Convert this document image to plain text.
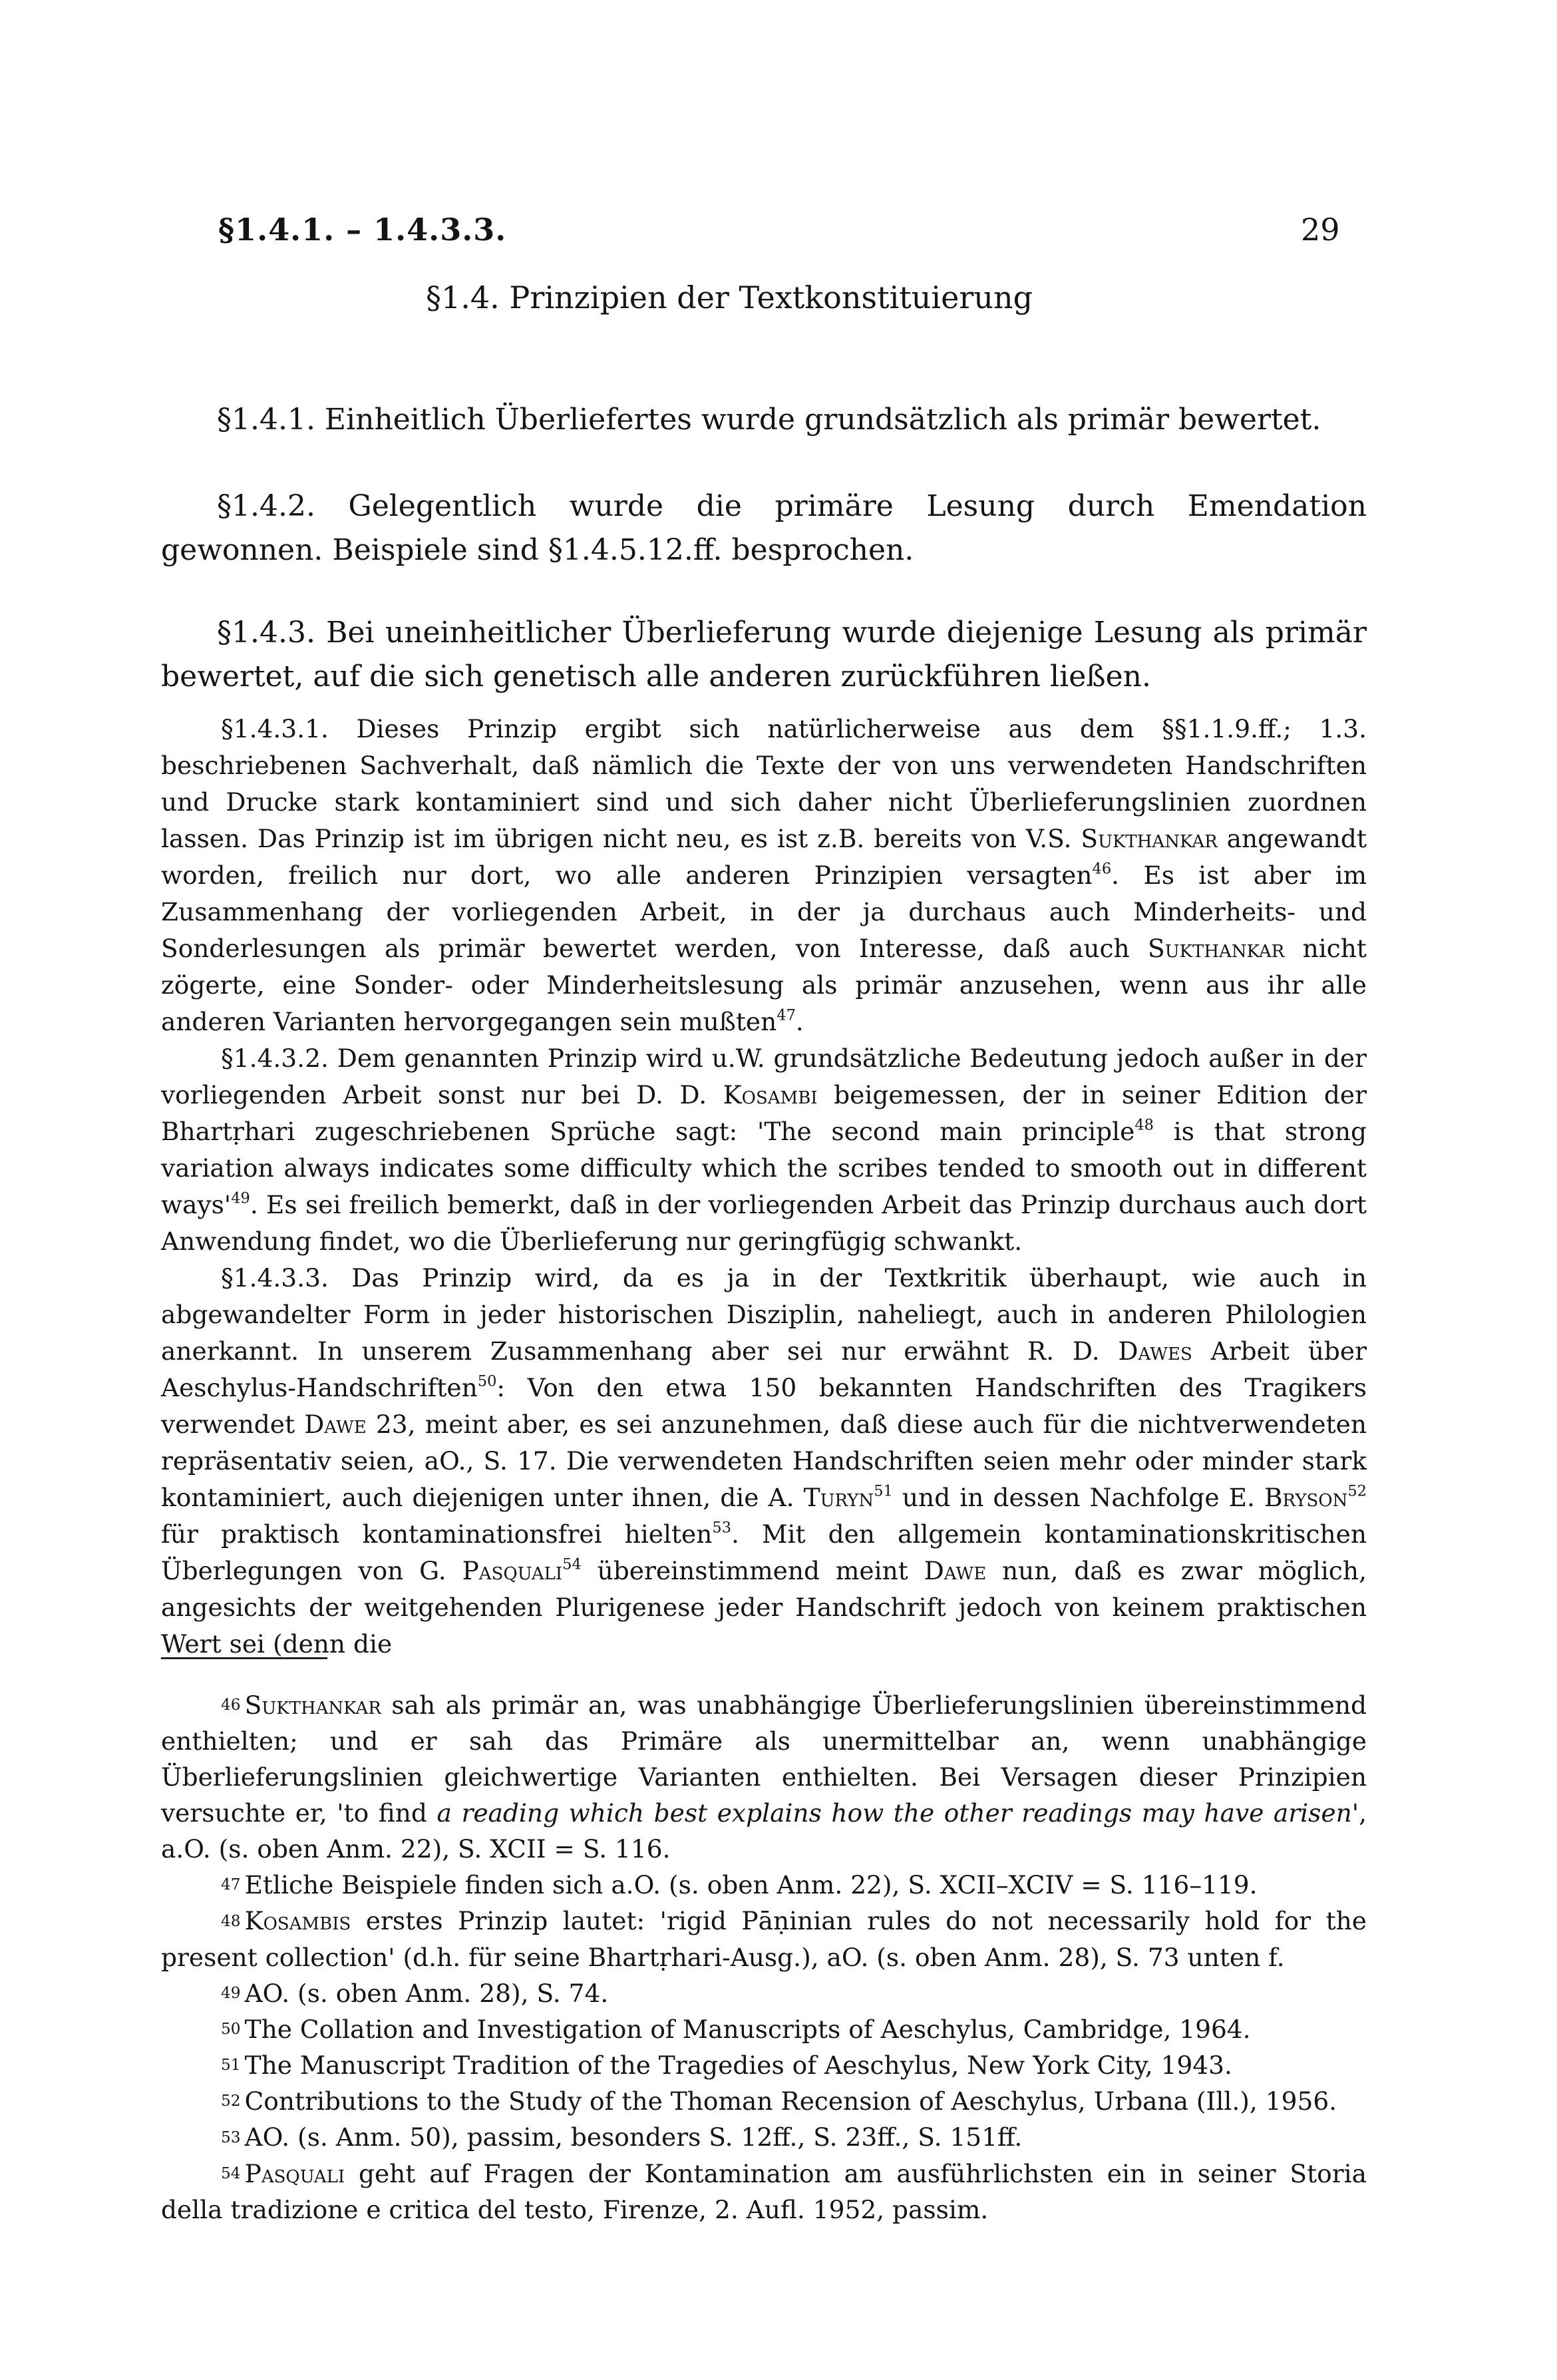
§1.4.1. – 1.4.3.3.	29
§1.4. Prinzipien der Textkonstituierung

§1.4.1. Einheitlich Überliefertes wurde grundsätzlich als primär bewertet.

§1.4.2. Gelegentlich wurde die primäre Lesung durch Emendation gewonnen. Beispiele sind §1.4.5.12.ff. besprochen.

§1.4.3. Bei uneinheitlicher Überlieferung wurde diejenige Lesung als primär bewertet, auf die sich genetisch alle anderen zurückführen ließen.

§1.4.3.1. Dieses Prinzip ergibt sich natürlicherweise aus dem §§1.1.9.ff.; 1.3. beschriebenen Sachverhalt, daß nämlich die Texte der von uns verwendeten Handschriften und Drucke stark kontaminiert sind und sich daher nicht Überlieferungslinien zuordnen lassen. Das Prinzip ist im übrigen nicht neu, es ist z.B. bereits von V.S. Sukthankar angewandt worden, freilich nur dort, wo alle anderen Prinzipien versagten$^{46}$. Es ist aber im Zusammenhang der vorliegenden Arbeit, in der ja durchaus auch Minderheits- und Sonderlesungen als primär bewertet werden, von Interesse, daß auch Sukthankar nicht zögerte, eine Sonder- oder Minderheitslesung als primär anzusehen, wenn aus ihr alle anderen Varianten hervorgegangen sein mußten$^{47}$.

§1.4.3.2. Dem genannten Prinzip wird u.W. grundsätzliche Bedeutung jedoch außer in der vorliegenden Arbeit sonst nur bei D. D. Kosambi beigemessen, der in seiner Edition der Bhartṛhari zugeschriebenen Sprüche sagt: 'The second main principle$^{48}$ is that strong variation always indicates some difficulty which the scribes tended to smooth out in different $ways'^{49}$. Es sei freilich bemerkt, daß in der vorliegenden Arbeit das Prinzip durchaus auch dort Anwendung findet, wo die Überlieferung nur geringfügig schwankt.

§1.4.3.3. Das Prinzip wird, da es ja in der Textkritik überhaupt, wie auch in abgewandelter Form in jeder historischen Disziplin, naheliegt, auch in anderen Philologien anerkannt. In unserem Zusammenhang aber sei nur erwähnt R. D. Dawes Arbeit über Aeschylus-Handschriften$^{50}$: Von den etwa 150 bekannten Handschriften des Tragikers verwendet Dawe 23, meint aber, es sei anzunehmen, daß diese auch für die nichtverwendeten repräsentativ seien, aO., S. 17. Die verwendeten Handschriften seien mehr oder minder stark kontaminiert, auch diejenigen unter ihnen, die A. Turyn$^{51}$ und in dessen Nachfolge E. Bryson$^{52}$ für praktisch kontaminationsfrei hielten$^{53}$. Mit den allgemein kontaminationskritischen Überlegungen von G. Pasquali$^{54}$ übereinstimmend meint Dawe nun, daß es zwar möglich, angesichts der weitgehenden Plurigenese jeder Handschrift jedoch von keinem praktischen Wert sei (denn die

46 Sukthankar sah als primär an, was unabhängige Überlieferungslinien übereinstimmend enthielten; und er sah das Primäre als unermittelbar an, wenn unabhängige Überlieferungslinien gleichwertige Varianten enthielten. Bei Versagen dieser Prinzipien versuchte er, 'to find a reading which best explains how the other readings may have arisen', a.O. (s. oben Anm. 22), S. XCII = S. 116.

47 Etliche Beispiele finden sich a.O. (s. oben Anm. 22), S. XCII–XCIV = S. 116–119.

48 Kosambis erstes Prinzip lautet: 'rigid Pāṇinian rules do not necessarily hold for the present collection' (d.h. für seine Bhartṛhari-Ausg.), aO. (s. oben Anm. 28), S. 73 unten f.

49 AO. (s. oben Anm. 28), S. 74.

50 The Collation and Investigation of Manuscripts of Aeschylus, Cambridge, 1964.

51 The Manuscript Tradition of the Tragedies of Aeschylus, New York City, 1943.

52 Contributions to the Study of the Thoman Recension of Aeschylus, Urbana (Ill.), 1956.

53 AO. (s. Anm. 50), passim, besonders S. 12ff., S. 23ff., S. 151ff.

54 Pasquali geht auf Fragen der Kontamination am ausführlichsten ein in seiner Storia della tradizione e critica del testo, Firenze, 2. Aufl. 1952, passim.
